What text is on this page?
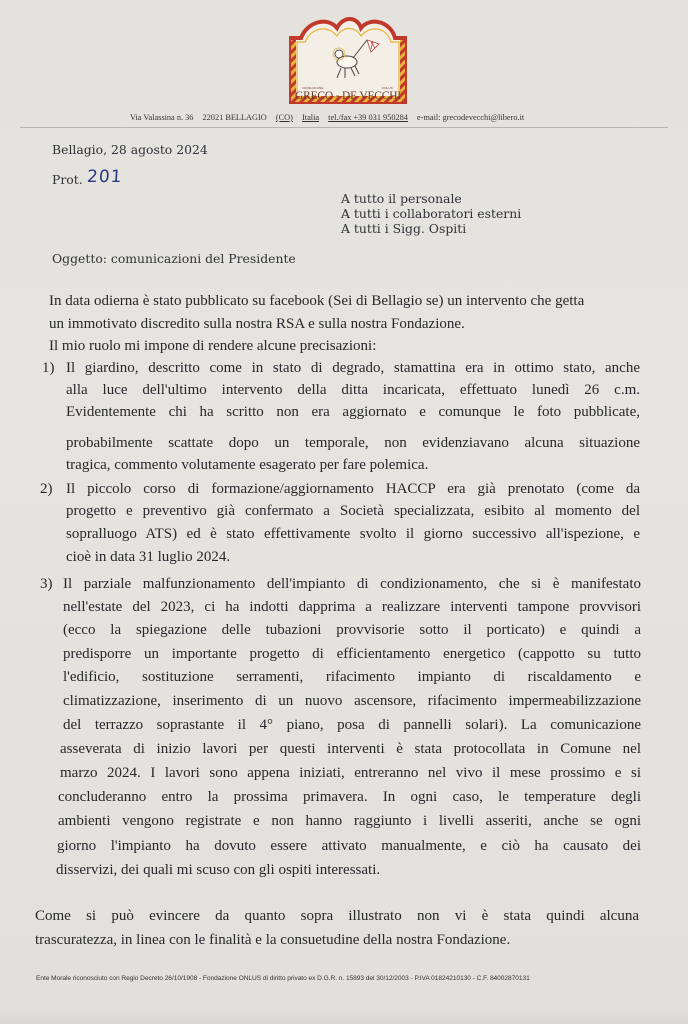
FONDAZIONE	ONLUS
GRECO - DE VECCHI
Via Valassina n. 36 22021 BELLAGIO (CO) Italia tel./fax +39 031 950284 e-mail: grecodevecchi@libero.it
Bellagio, 28 agosto 2024
Prot. 201
A tutto il personale
A tutti i collaboratori esterni
A tutti i Sigg. Ospiti
Oggetto: comunicazioni del Presidente
In data odierna è stato pubblicato su facebook (Sei di Bellagio se) un intervento che getta
un immotivato discredito sulla nostra RSA e sulla nostra Fondazione.
Il mio ruolo mi impone di rendere alcune precisazioni:
1) Il giardino, descritto come in stato di degrado, stamattina era in ottimo stato, anche
alla luce dell'ultimo intervento della ditta incaricata, effettuato lunedì 26 c.m.
Evidentemente chi ha scritto non era aggiornato e comunque le foto pubblicate,
probabilmente scattate dopo un temporale, non evidenziavano alcuna situazione
tragica, commento volutamente esagerato per fare polemica.
2) Il piccolo corso di formazione/aggiornamento HACCP era già prenotato (come da
progetto e preventivo già confermato a Società specializzata, esibito al momento del
sopralluogo ATS) ed è stato effettivamente svolto il giorno successivo all'ispezione, e
cioè in data 31 luglio 2024.
3) Il parziale malfunzionamento dell'impianto di condizionamento, che si è manifestato
nell'estate del 2023, ci ha indotti dapprima a realizzare interventi tampone provvisori
(ecco la spiegazione delle tubazioni provvisorie sotto il porticato) e quindi a
predisporre un importante progetto di efficientamento energetico (cappotto su tutto
l'edificio, sostituzione serramenti, rifacimento impianto di riscaldamento e
climatizzazione, inserimento di un nuovo ascensore, rifacimento impermeabilizzazione
del terrazzo soprastante il 4° piano, posa di pannelli solari). La comunicazione
asseverata di inizio lavori per questi interventi è stata protocollata in Comune nel
marzo 2024. I lavori sono appena iniziati, entreranno nel vivo il mese prossimo e si
concluderanno entro la prossima primavera. In ogni caso, le temperature degli
ambienti vengono registrate e non hanno raggiunto i livelli asseriti, anche se ogni
giorno l'impianto ha dovuto essere attivato manualmente, e ciò ha causato dei
disservizi, dei quali mi scuso con gli ospiti interessati.
Come si può evincere da quanto sopra illustrato non vi è stata quindi alcuna
trascuratezza, in linea con le finalità e la consuetudine della nostra Fondazione.
Ente Morale riconosciuto con Regio Decreto 26/10/1908 - Fondazione ONLUS di diritto privato ex D.G.R. n. 15893 del 30/12/2003 - P.IVA 01824210130 - C.F. 84002870131
